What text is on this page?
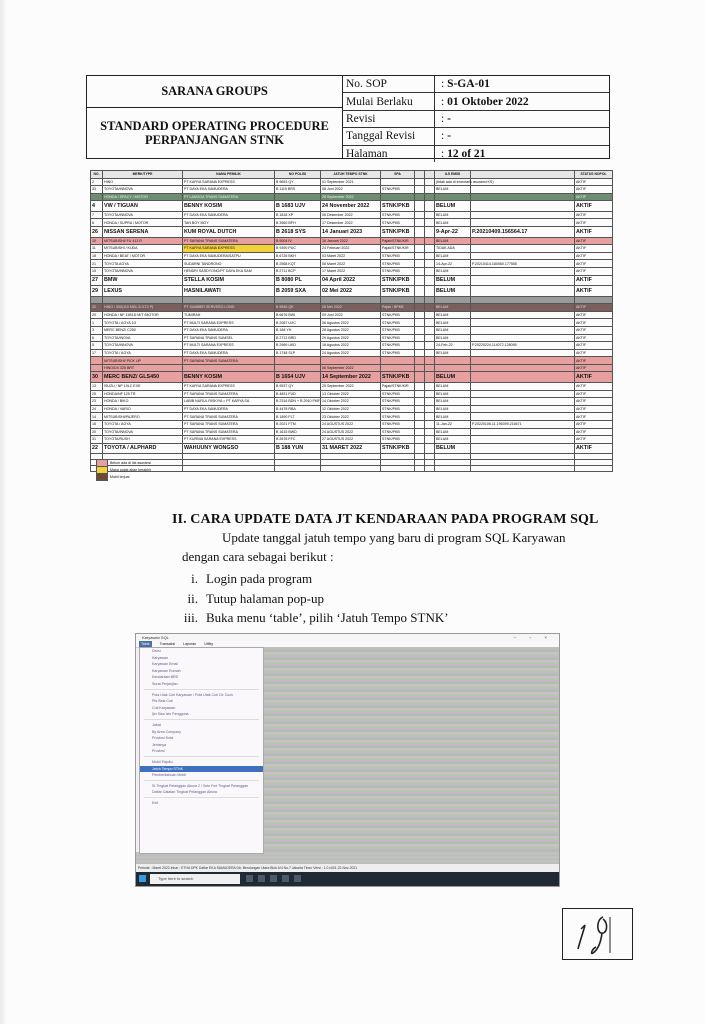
SARANA GROUPS
STANDARD OPERATING PROCEDURE
PERPANJANGAN STNK
No. SOP	: S-GA-01
Mulai Berlaku	: 01 Oktober 2022
Revisi	: -
Tanggal Revisi	: -
Halaman	: 12 of 21
NO.	MERK/TYPE	NAMA PEMILIK	NO POLISI	JATUH TEMPO STNK	SPA			UJI EMISI		STATUS NOPOL
2	HINO	PT KARYA SARANA EXPRESS	B 9653 QY	01 September 2021				(tidak ada di inventaris asuransi KS)		AKTIF
33	TOYOTA/INNOVA	PT DAYA EKA SAMUDERA	B 1115 BRS	08 Juni 2022	STNK/PKB			BELUM		AKTIF
	HONDA / SPACY / MOTOR	PT LANGGA TRANS SUMATERA		28 September 2022						AKTIF
4	VW / TIGUAN	BENNY KOSIM	B 1683 UJV	24 November 2022	STNK/PKB			BELUM		AKTIF
7	TOYOTA/INNOVA	PT DAYA EKA SAMUDERA	B 1818 XP	06 Desember 2022	STNK/PKB			BELUM		AKTIF
8	HONDA / SUPRA / MOTOR	TAN BOY MOY	B 3960 BFH	17 Desember 2022	STNK/PKB			BELUM		AKTIF
26	NISSAN SERENA	KUM ROYAL DUTCH	B 2618 SYS	14 Januari 2023	STNK/PKB			9-Apr-22	P.20210409.156564.17	AKTIF
10	MITSUBISHI/ FU 413 R	PT SARANA TRANS SUMATERA	B 9004 IV	16 Januari 2022	Pajak/STNK/KIR			BELUM		AKTIF
11	MITSUBISHI / KUDA	PT KARYA SARANA EXPRESS	B 9390 PUC	24 Februari 2022	Pajak/STNK/KIR			TIDAK ADA		AKTIF
18	HONDA / BEAT / MOTOR	PT DAYA EKA SAMUDERA/SATPU	B 6726 BKH	03 Maret 2022	STNK/PKB			BELUM		AKTIF
21	TOYOTA AGYA	SUDARNI TANDRONO	B 2568 KQT	08 Maret 2022	STNK/PKB			14-Apr-22	P.20210414.180060.177555	AKTIF
15	TOYOTA/INNOVA	HENDRI SARDYONO/PT DAYA EKA SAM	B 2711 BCP	17 Maret 2022	STNK/PKB			BELUM		AKTIF
27	BMW	STELLA KOSIM	B 8080 PL	04 April 2022	STNK/PKB			BELUM		AKTIF
29	LEXUS	HASNILAWATI	B 2059 SXA	02 Mei 2022	STNK/PKB			BELUM		AKTIF

32	HINO / 300(110 MDL-5 /LT2 P)	PT SUMBER SERVERO LONG	B 9548 QK	26 Mei 2022	Pajak / BPKB			BELUM		AKTIF
20	HONDA / NF 11B1D M/T /MOTOR	TUMIRAH	B 6676 BWI	09 Juni 2022	STNK/PKB			BELUM		AKTIF
1	TOYOTA / AGYA 1G	PT MULTI SARANA EXPRESS	B 2087 UXC	06 Agustus 2022	STNK/PKB			BELUM		AKTIF
3	MERC BENZ/ C250	PT DAYA EKA SAMUDERA	B 188 YH	28 Agustus 2022	STNK/PKB			BELUM		AKTIF
6	TOYOTA/INOVA	PT SARANA TRANS SUMSEL	B 2712 BRD	29 Agustus 2022	STNK/PKB			BELUM		AKTIF
5	TOYOTA/INNOVA	PT MULTI SARANA EXPRESS	B 2989 UKD	16 Agustus 2022	STNK/PKB			24-Feb-22	P.20220224.114072.128095	AKTIF
17	TOYOTA / AGYA	PT DAYA EKA SAMUDERA	B 1748 SLP	24 Agustus 2022	STNK/PKB			BELUM		AKTIF
	MITSUBISHI/ PICK UP	PT SARANA TRANS SUMATERA								AKTIF
	HINO/DX 325 BRT			06 September 2022						AKTIF
30	MERC BENZ/ GLS450	BENNY KOSIM	B 1654 UJV	14 September 2022	STNK/PKB			BELUM		AKTIF
13	ISUZU / NP 19LC EXE	PT KARYA SARANA EXPRESS	B 9537 QY	25 September 2022	Pajak/STNK/KIR			BELUM		AKTIF
25	HONDA/NF 125 TR	PT SARANA TRANS SUMATERA	B 4831 FUD	13 Oktober 2022	STNK/PKB			BELUM		AKTIF
23	HONDA / BIKO	LABIB NURUL RISKIYA = PT KARYA SA	B 2316 BDN + B 2910 FMF	14 Oktober 2022	STNK/PKB			BELUM		AKTIF
24	HONDA / VARIO	PT DAYA EKA SAMUDERA	B 4478 RBA	12 Oktober 2022	STNK/PKB			BELUM		AKTIF
14	MITSUBISHI/PAJERO	PT SARANA TRANS SUMATERA	B 1890 FLT	23 Oktober 2022	STNK/PKB			BELUM		AKTIF
16	TOYOTA / AGYA	PT SARANA TRANS SUMATERA	B 2021 FTM	24 AGUSTUS 2022	STNK/PKB			11-Jan-22	P.20220106.11.196399.216671	AKTIF
20	TOYOTA/INNOVA	PT SARANA TRANS SUMATERA	B 1615 BWD	24 AGUSTUS 2022	STNK/PKB			BELUM		AKTIF
31	TOYOTA/RUSH	PT KURNIA SARANA EXPRESS	B 2678 FFC	27 AGUSTUS 2022	STNK/PKB			BELUM		AKTIF
22	TOYOTA / ALPHARD	WAHUUNY WONGSO	B 188 YUN	31 MARET 2022	STNK/PKB			BELUM		AKTIF

Belum ada di list asuransi
Masa pajak akan berakhir
Mobil terjual
II. CARA UPDATE DATA JT KENDARAAN PADA PROGRAM SQL
Update tanggal jatuh tempo yang baru di program SQL Karyawan
dengan cara sebagai berikut :
i. Login pada program
ii. Tutup halaman pop-up
iii. Buka menu ‘table’, pilih ‘Jatuh Tempo STNK’
Karyawan SQL	– ▫ ×
Table	Transaksi Laporan Utility
Divisi
Karyawan
Karyawan Email
Karyawan Rumah
Kendaraan BRD
Surat Perjanjian
Pola Utak Cuti Karyawan / Pola Utak Cuti Ctr Cuck
Pts Bela Cuti
Cuti Karyawan
Ijin Sisa Izin Pengguna
Jabat
By Area Company
Provinsi Kota
Jenisnya
Provinsi
Mobil Pajoku
Jatuh Tempo STNK
Pemberitahuan Mobil
SI Tingkat Pelanggan Aksna 2 / Sele Fee Tingkat Pelanggan
Daftar Catatan Tingkat Pelanggan Aksna
Exit
Periode : Maret 2022 Inbar : ETHA DPK Daftar EKA SAMUDERA Db: Bendungan Utara Blok A/4 No.7 Jakarta Timur Versi : 1.0 c001 22-Nov-2021
Type here to search
